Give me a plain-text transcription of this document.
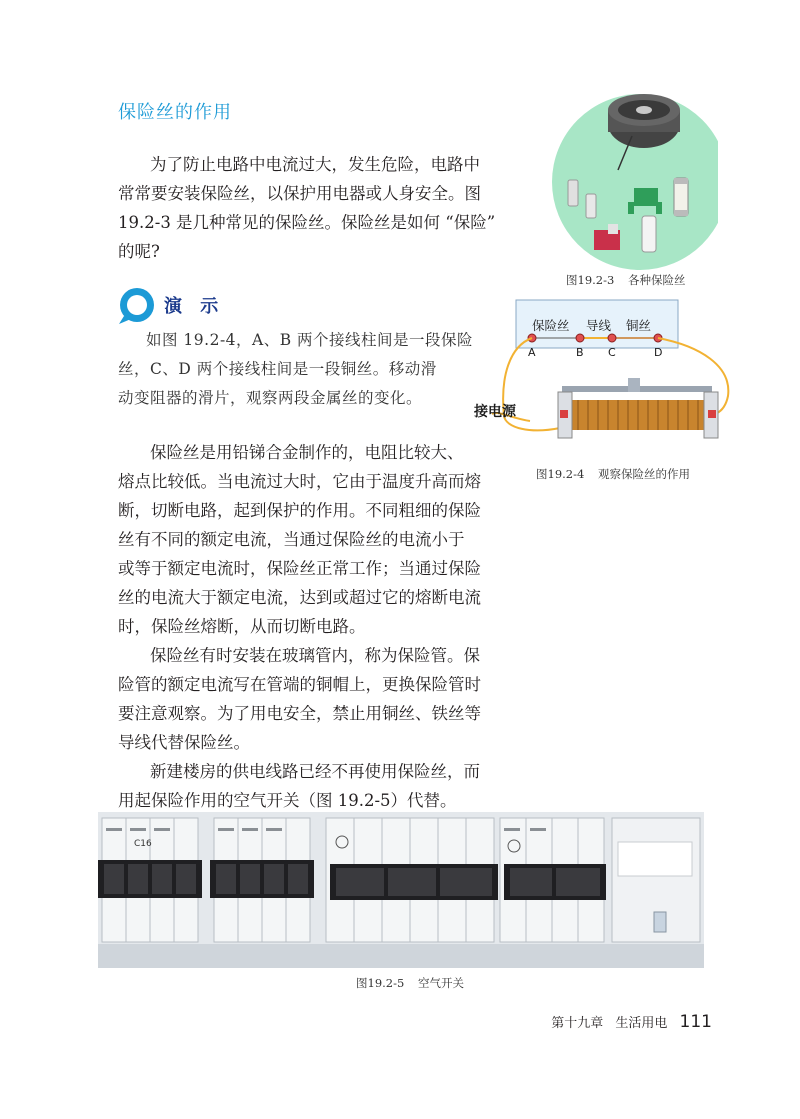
保险丝的作用
为了防止电路中电流过大，发生危险，电路中
常常要安装保险丝，以保护用电器或人身安全。图
19.2-3 是几种常见的保险丝。保险丝是如何 “保险”
的呢?
演 示
如图 19.2-4，A、B 两个接线柱间是一段保险
丝，C、D 两个接线柱间是一段铜丝。移动滑
动变阻器的滑片，观察两段金属丝的变化。
保险丝是用铅锑合金制作的，电阻比较大、
熔点比较低。当电流过大时，它由于温度升高而熔
断，切断电路，起到保护的作用。不同粗细的保险
丝有不同的额定电流，当通过保险丝的电流小于
或等于额定电流时，保险丝正常工作；当通过保险
丝的电流大于额定电流，达到或超过它的熔断电流
时，保险丝熔断，从而切断电路。
保险丝有时安装在玻璃管内，称为保险管。保
险管的额定电流写在管端的铜帽上，更换保险管时
要注意观察。为了用电安全，禁止用铜丝、铁丝等
导线代替保险丝。
新建楼房的供电线路已经不再使用保险丝，而
用起保险作用的空气开关（图 19.2-5）代替。
图19.2-3 各种保险丝
保险丝 导线 铜丝
A	B C	D
接电源
图19.2-4 观察保险丝的作用
C16
图19.2-5 空气开关
第十九章 生活用电 111
